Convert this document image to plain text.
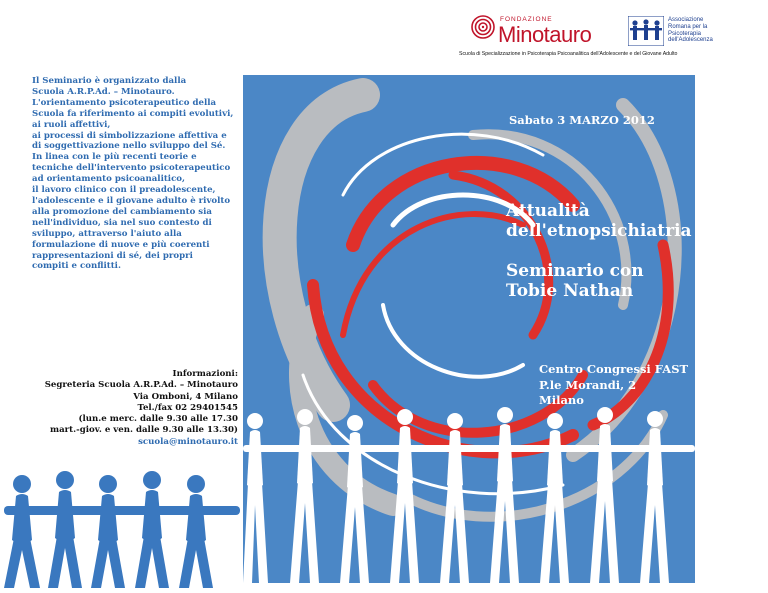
FONDAZIONE
Minotauro
Associazione
Romana per la
Psicoterapia
dell'Adolescenza
Scuola di Specializzazione in Psicoterapia Psicoanalitica dell'Adolescente e del Giovane Adulto
Il Seminario è organizzato dalla
Scuola A.R.P.Ad. – Minotauro.
L'orientamento psicoterapeutico della
Scuola fa riferimento ai compiti evolutivi,
ai ruoli affettivi,
ai processi di simbolizzazione affettiva e
di soggettivazione nello sviluppo del Sé.
In linea con le più recenti teorie e
tecniche dell'intervento psicoterapeutico
ad orientamento psicoanalitico,
il lavoro clinico con il preadolescente,
l'adolescente e il giovane adulto è rivolto
alla promozione del cambiamento sia
nell'individuo, sia nel suo contesto di
sviluppo, attraverso l'aiuto alla
formulazione di nuove e più coerenti
rappresentazioni di sé, dei propri
compiti e conflitti.
Informazioni:
Segreteria Scuola A.R.P.Ad. – Minotauro
Via Omboni, 4 Milano
Tel./fax 02 29401545
(lun.e merc. dalle 9.30 alle 17.30
mart.-giov. e ven. dalle 9.30 alle 13.30)
scuola@minotauro.it
Sabato 3 MARZO 2012
Attualità
dell'etnopsichiatria
Seminario con
Tobie Nathan
Centro Congressi FAST
P.le Morandi, 2
Milano
